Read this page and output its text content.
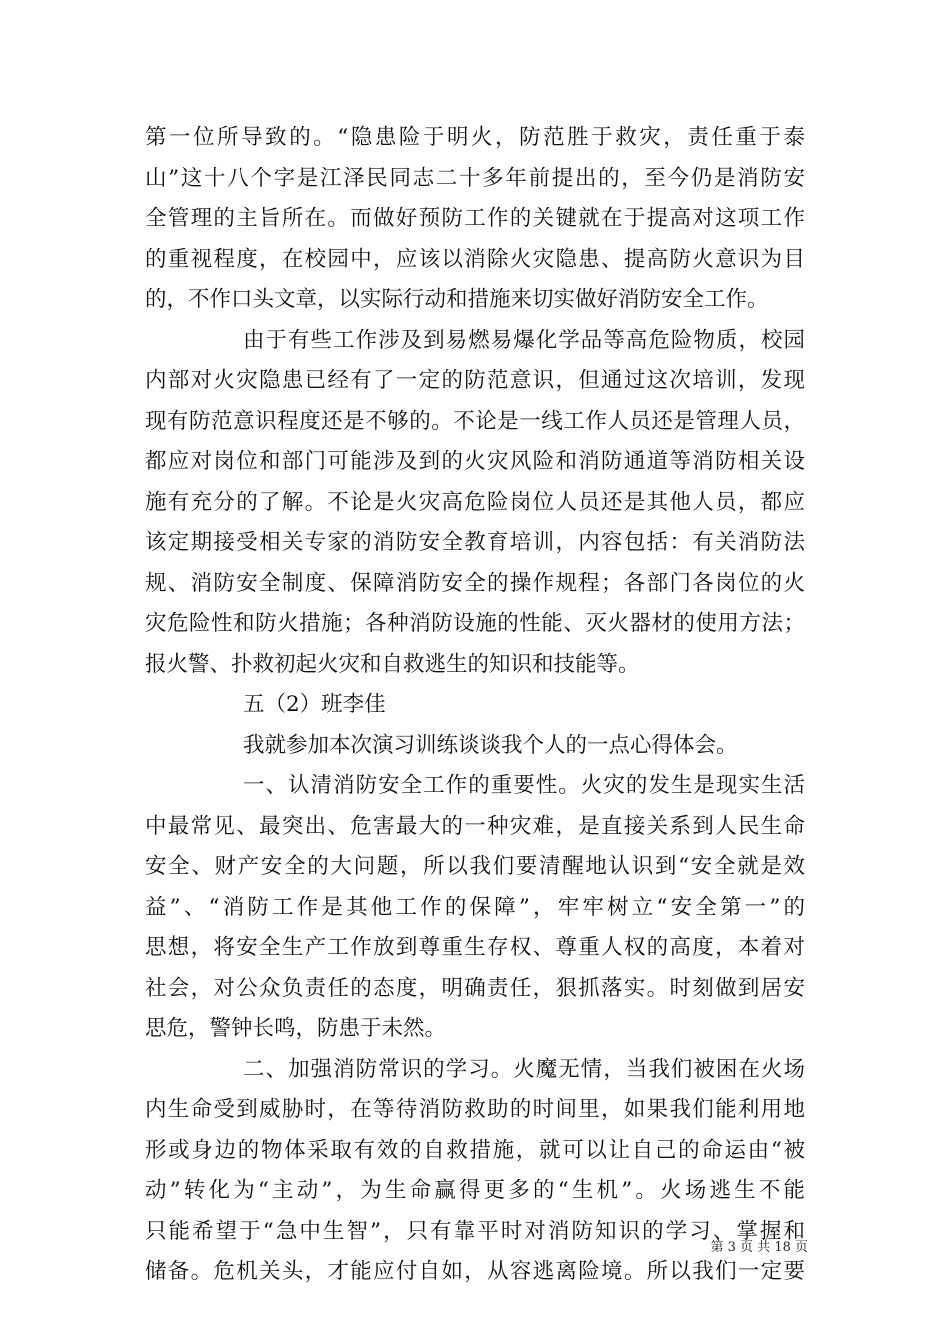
第一位所导致的。“隐患险于明火，防范胜于救灾，责任重于泰
山”这十八个字是江泽民同志二十多年前提出的，至今仍是消防安
全管理的主旨所在。而做好预防工作的关键就在于提高对这项工作
的重视程度，在校园中，应该以消除火灾隐患、提高防火意识为目
的，不作口头文章，以实际行动和措施来切实做好消防安全工作。
由于有些工作涉及到易燃易爆化学品等高危险物质，校园
内部对火灾隐患已经有了一定的防范意识，但通过这次培训，发现
现有防范意识程度还是不够的。不论是一线工作人员还是管理人员，
都应对岗位和部门可能涉及到的火灾风险和消防通道等消防相关设
施有充分的了解。不论是火灾高危险岗位人员还是其他人员，都应
该定期接受相关专家的消防安全教育培训，内容包括：有关消防法
规、消防安全制度、保障消防安全的操作规程；各部门各岗位的火
灾危险性和防火措施；各种消防设施的性能、灭火器材的使用方法；
报火警、扑救初起火灾和自救逃生的知识和技能等。
五（2）班李佳
我就参加本次演习训练谈谈我个人的一点心得体会。
一、认清消防安全工作的重要性。火灾的发生是现实生活
中最常见、最突出、危害最大的一种灾难，是直接关系到人民生命
安全、财产安全的大问题，所以我们要清醒地认识到“安全就是效
益”、“消防工作是其他工作的保障”，牢牢树立“安全第一”的
思想，将安全生产工作放到尊重生存权、尊重人权的高度，本着对
社会，对公众负责任的态度，明确责任，狠抓落实。时刻做到居安
思危，警钟长鸣，防患于未然。
二、加强消防常识的学习。火魔无情，当我们被困在火场
内生命受到威胁时，在等待消防救助的时间里，如果我们能利用地
形或身边的物体采取有效的自救措施，就可以让自己的命运由“被
动”转化为“主动”，为生命赢得更多的“生机”。火场逃生不能
只能希望于“急中生智”，只有靠平时对消防知识的学习、掌握和
储备。危机关头，才能应付自如，从容逃离险境。所以我们一定要
第 3 页 共 18 页
